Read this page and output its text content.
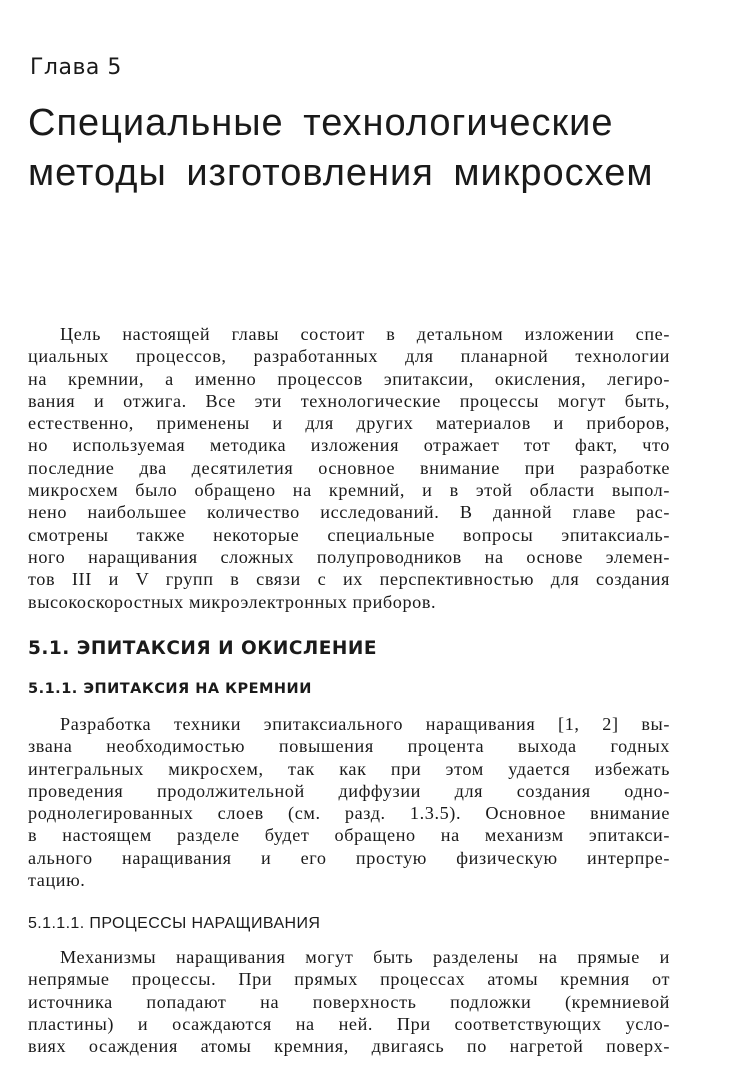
Глава 5
Специальные технологические
методы изготовления микросхем
Цель настоящей главы состоит в детальном изложении спе-
циальных процессов, разработанных для планарной технологии
на кремнии, а именно процессов эпитаксии, окисления, легиро-
вания и отжига. Все эти технологические процессы могут быть,
естественно, применены и для других материалов и приборов,
но используемая методика изложения отражает тот факт, что
последние два десятилетия основное внимание при разработке
микросхем было обращено на кремний, и в этой области выпол-
нено наибольшее количество исследований. В данной главе рас-
смотрены также некоторые специальные вопросы эпитаксиаль-
ного наращивания сложных полупроводников на основе элемен-
тов III и V групп в связи с их перспективностью для создания
высокоскоростных микроэлектронных приборов.
5.1. ЭПИТАКСИЯ И ОКИСЛЕНИЕ
5.1.1. ЭПИТАКСИЯ НА КРЕМНИИ
Разработка техники эпитаксиального наращивания [1, 2] вы-
звана необходимостью повышения процента выхода годных
интегральных микросхем, так как при этом удается избежать
проведения продолжительной диффузии для создания одно-
роднолегированных слоев (см. разд. 1.3.5). Основное внимание
в настоящем разделе будет обращено на механизм эпитакси-
ального наращивания и его простую физическую интерпре-
тацию.
5.1.1.1. ПРОЦЕССЫ НАРАЩИВАНИЯ
Механизмы наращивания могут быть разделены на прямые и
непрямые процессы. При прямых процессах атомы кремния от
источника попадают на поверхность подложки (кремниевой
пластины) и осаждаются на ней. При соответствующих усло-
виях осаждения атомы кремния, двигаясь по нагретой поверх-
